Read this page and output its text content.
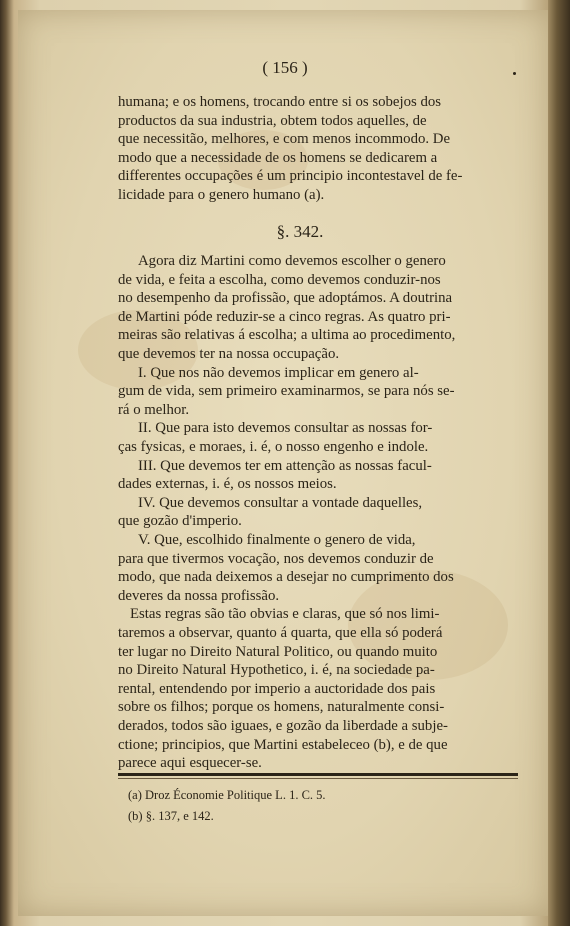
( 156 )
humana; e os homens, trocando entre si os sobejos dos
productos da sua industria, obtem todos aquelles, de
que necessitão, melhores, e com menos incommodo. De
modo que a necessidade de os homens se dedicarem a
differentes occupações é um principio incontestavel de fe-
licidade para o genero humano (a).
§. 342.
Agora diz Martini como devemos escolher o genero
de vida, e feita a escolha, como devemos conduzir-nos
no desempenho da profissão, que adoptámos. A doutrina
de Martini póde reduzir-se a cinco regras. As quatro pri-
meiras são relativas á escolha; a ultima ao procedimento,
que devemos ter na nossa occupação.
I. Que nos não devemos implicar em genero al-
gum de vida, sem primeiro examinarmos, se para nós se-
rá o melhor.
II. Que para isto devemos consultar as nossas for-
ças fysicas, e moraes, i. é, o nosso engenho e indole.
III. Que devemos ter em attenção as nossas facul-
dades externas, i. é, os nossos meios.
IV. Que devemos consultar a vontade daquelles,
que gozão d'imperio.
V. Que, escolhido finalmente o genero de vida,
para que tivermos vocação, nos devemos conduzir de
modo, que nada deixemos a desejar no cumprimento dos
deveres da nossa profissão.
Estas regras são tão obvias e claras, que só nos limi-
taremos a observar, quanto á quarta, que ella só poderá
ter lugar no Direito Natural Politico, ou quando muito
no Direito Natural Hypothetico, i. é, na sociedade pa-
rental, entendendo por imperio a auctoridade dos pais
sobre os filhos; porque os homens, naturalmente consi-
derados, todos são iguaes, e gozão da liberdade a subje-
ctione; principios, que Martini estabeleceo (b), e de que
parece aqui esquecer-se.
(a) Droz Économie Politique L. 1. C. 5.
(b) §. 137, e 142.
